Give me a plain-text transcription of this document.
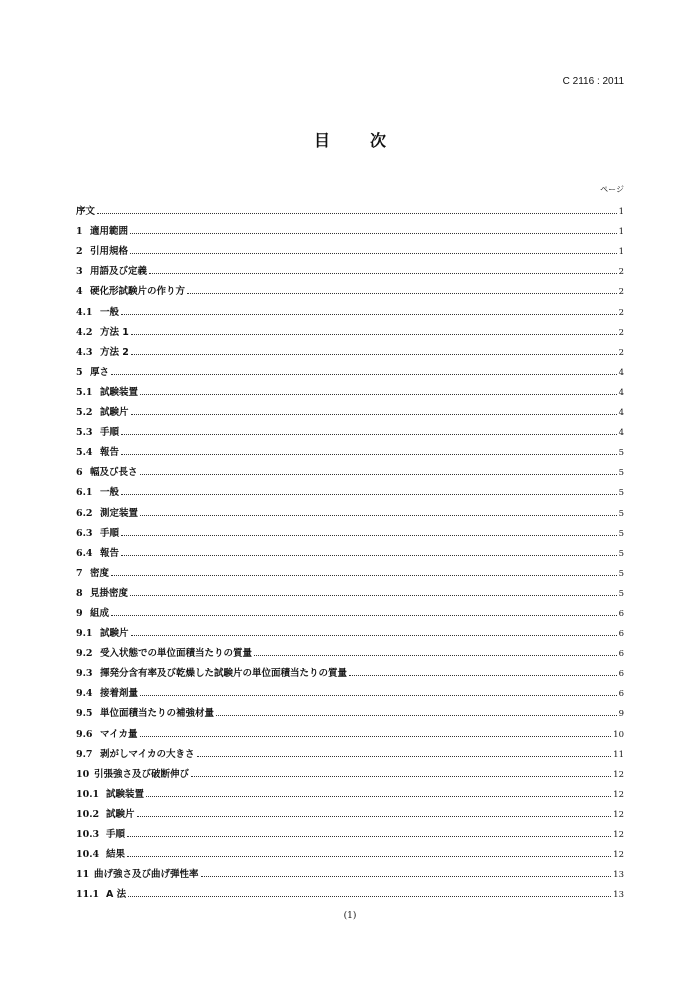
C 2116 : 2011
目　次
ページ
序文	1
1 適用範囲	1
2 引用規格	1
3 用語及び定義	2
4 硬化形試験片の作り方	2
4.1 一般	2
4.2 方法 1	2
4.3 方法 2	2
5 厚さ	4
5.1 試験装置	4
5.2 試験片	4
5.3 手順	4
5.4 報告	5
6 幅及び長さ	5
6.1 一般	5
6.2 測定装置	5
6.3 手順	5
6.4 報告	5
7 密度	5
8 見掛密度	5
9 組成	6
9.1 試験片	6
9.2 受入状態での単位面積当たりの質量	6
9.3 揮発分含有率及び乾燥した試験片の単位面積当たりの質量	6
9.4 接着剤量	6
9.5 単位面積当たりの補強材量	9
9.6 マイカ量	10
9.7 剥がしマイカの大きさ	11
10 引張強さ及び破断伸び	12
10.1 試験装置	12
10.2 試験片	12
10.3 手順	12
10.4 結果	12
11 曲げ強さ及び曲げ弾性率	13
11.1 A 法	13
(1)
